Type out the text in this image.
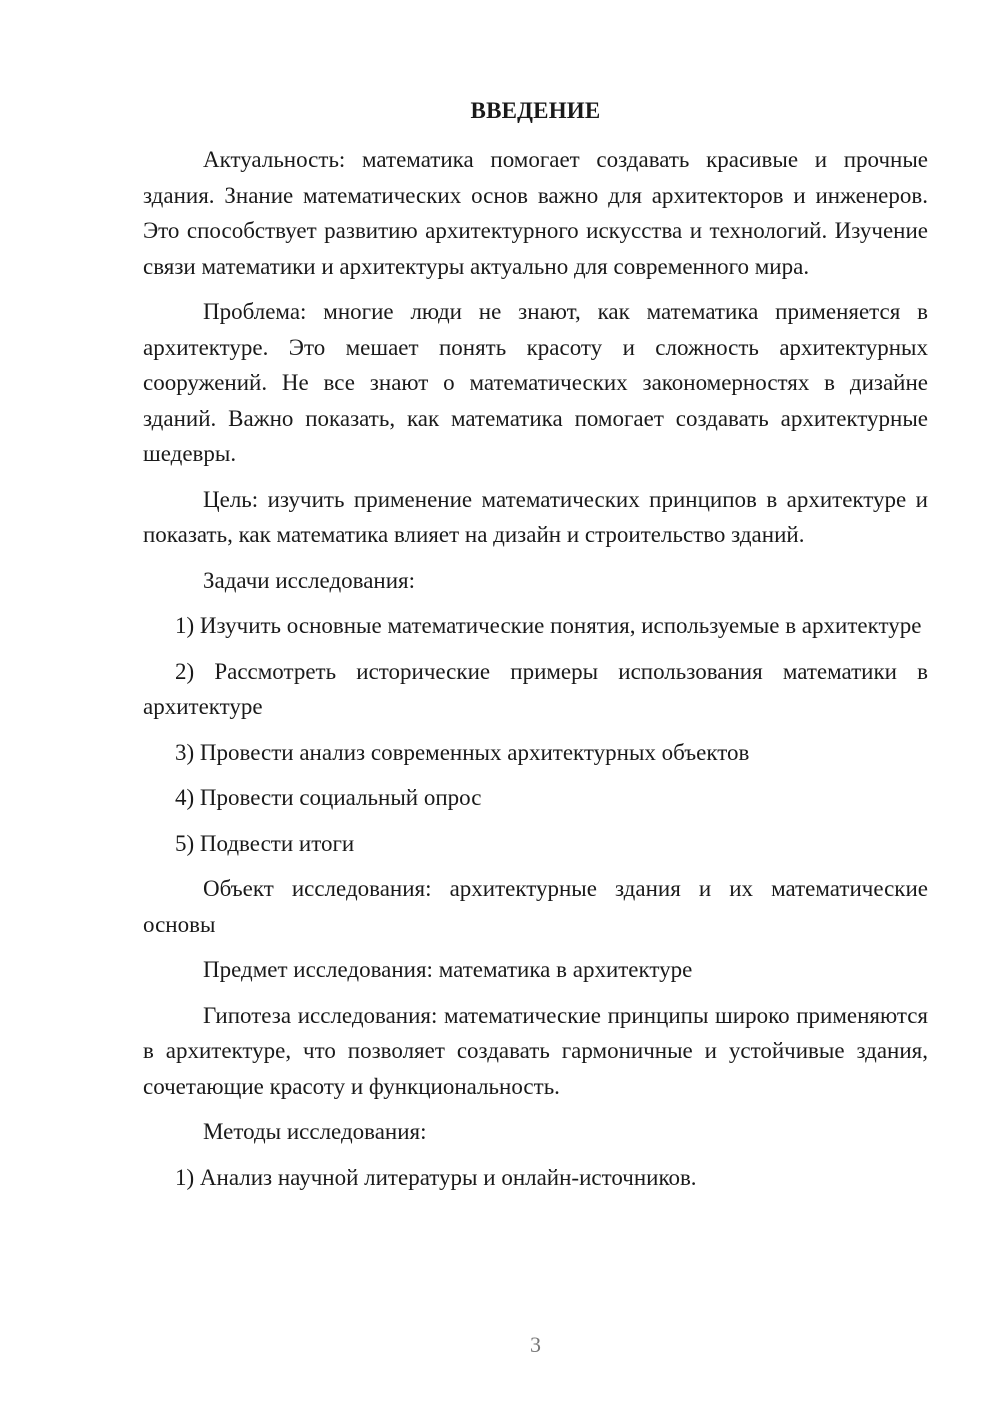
ВВЕДЕНИЕ

Актуальность: математика помогает создавать красивые и прочные здания. Знание математических основ важно для архитекторов и инженеров. Это способствует развитию архитектурного искусства и технологий. Изучение связи математики и архитектуры актуально для современного мира.

Проблема: многие люди не знают, как математика применяется в архитектуре. Это мешает понять красоту и сложность архитектурных сооружений. Не все знают о математических закономерностях в дизайне зданий. Важно показать, как математика помогает создавать архитектурные шедевры.

Цель: изучить применение математических принципов в архитектуре и показать, как математика влияет на дизайн и строительство зданий.

Задачи исследования:

1) Изучить основные математические понятия, используемые в архитектуре

2) Рассмотреть исторические примеры использования математики в архитектуре

3) Провести анализ современных архитектурных объектов

4) Провести социальный опрос

5) Подвести итоги

Объект исследования: архитектурные здания и их математические основы

Предмет исследования: математика в архитектуре

Гипотеза исследования: математические принципы широко применяются в архитектуре, что позволяет создавать гармоничные и устойчивые здания, сочетающие красоту и функциональность.

Методы исследования:

1) Анализ научной литературы и онлайн-источников.

3
